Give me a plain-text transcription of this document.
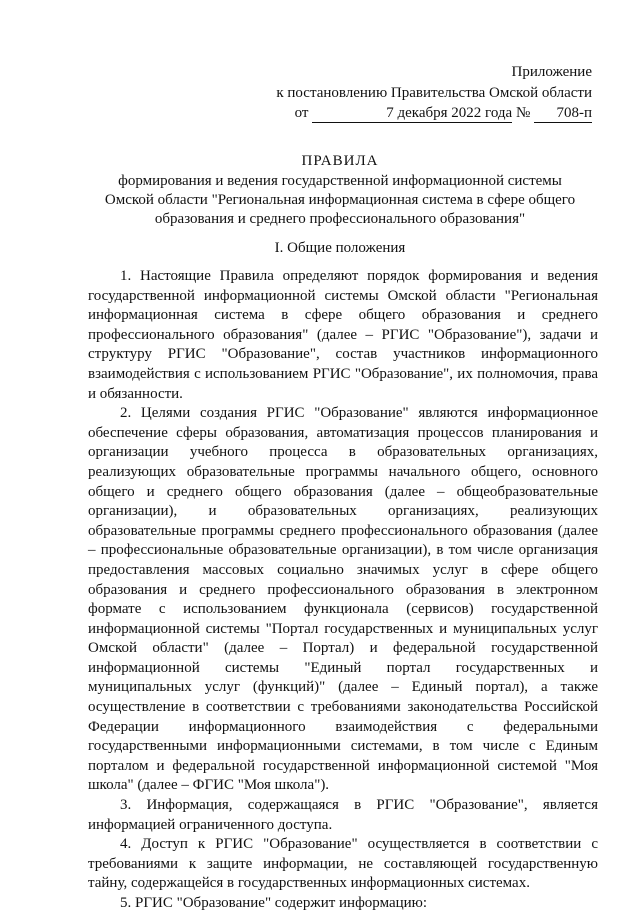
Приложение
к постановлению Правительства Омской области
от	7 декабря 2022 года № 708-п
ПРАВИЛА
формирования и ведения государственной информационной системы
Омской области "Региональная информационная система в сфере общего
образования и среднего профессионального образования"
I. Общие положения

1. Настоящие Правила определяют порядок формирования и ведения государственной информационной системы Омской области "Региональная информационная система в сфере общего образования и среднего профессионального образования" (далее – РГИС "Образование"), задачи и структуру РГИС "Образование", состав участников информационного взаимодействия с использованием РГИС "Образование", их полномочия, права и обязанности.

2. Целями создания РГИС "Образование" являются информационное обеспечение сферы образования, автоматизация процессов планирования и организации учебного процесса в образовательных организациях, реализующих образовательные программы начального общего, основного общего и среднего общего образования (далее – общеобразовательные организации), и образовательных организациях, реализующих образовательные программы среднего профессионального образования (далее – профессиональные образовательные организации), в том числе организация предоставления массовых социально значимых услуг в сфере общего образования и среднего профессионального образования в электронном формате с использованием функционала (сервисов) государственной информационной системы "Портал государственных и муниципальных услуг Омской области" (далее – Портал) и федеральной государственной информационной системы "Единый портал государственных и муниципальных услуг (функций)" (далее – Единый портал), а также осуществление в соответствии с требованиями законодательства Российской Федерации информационного взаимодействия с федеральными государственными информационными системами, в том числе с Единым порталом и федеральной государственной информационной системой "Моя школа" (далее – ФГИС "Моя школа").

3. Информация, содержащаяся в РГИС "Образование", является информацией ограниченного доступа.

4. Доступ к РГИС "Образование" осуществляется в соответствии с требованиями к защите информации, не составляющей государственную тайну, содержащейся в государственных информационных системах.

5. РГИС "Образование" содержит информацию:
